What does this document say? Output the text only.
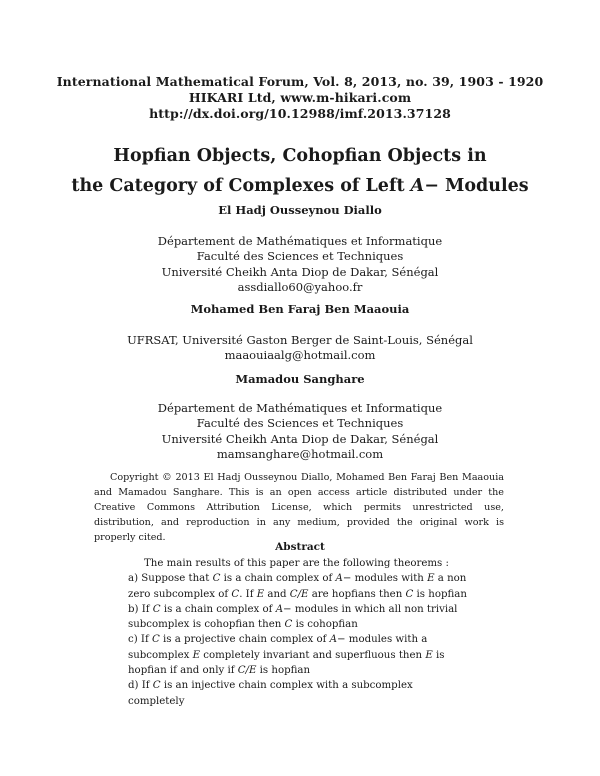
International Mathematical Forum, Vol. 8, 2013, no. 39, 1903 - 1920
HIKARI Ltd, www.m-hikari.com
http://dx.doi.org/10.12988/imf.2013.37128
Hopfian Objects, Cohopfian Objects in
the Category of Complexes of Left A− Modules
El Hadj Ousseynou Diallo
Département de Mathématiques et Informatique
Faculté des Sciences et Techniques
Université Cheikh Anta Diop de Dakar, Sénégal
assdiallo60@yahoo.fr
Mohamed Ben Faraj Ben Maaouia
UFRSAT, Université Gaston Berger de Saint-Louis, Sénégal
maaouiaalg@hotmail.com
Mamadou Sanghare
Département de Mathématiques et Informatique
Faculté des Sciences et Techniques
Université Cheikh Anta Diop de Dakar, Sénégal
mamsanghare@hotmail.com
Copyright © 2013 El Hadj Ousseynou Diallo, Mohamed Ben Faraj Ben Maaouia and Mamadou Sanghare. This is an open access article distributed under the Creative Commons Attribution License, which permits unrestricted use, distribution, and reproduction in any medium, provided the original work is properly cited.
Abstract

The main results of this paper are the following theorems :

a) Suppose that C is a chain complex of A− modules with E a non zero subcomplex of C. If E and C/E are hopfians then C is hopfian

b) If C is a chain complex of A− modules in which all non trivial subcomplex is cohopfian then C is cohopfian

c) If C is a projective chain complex of A− modules with a subcomplex E completely invariant and superfluous then E is hopfian if and only if C/E is hopfian

d) If C is an injective chain complex with a subcomplex completely
